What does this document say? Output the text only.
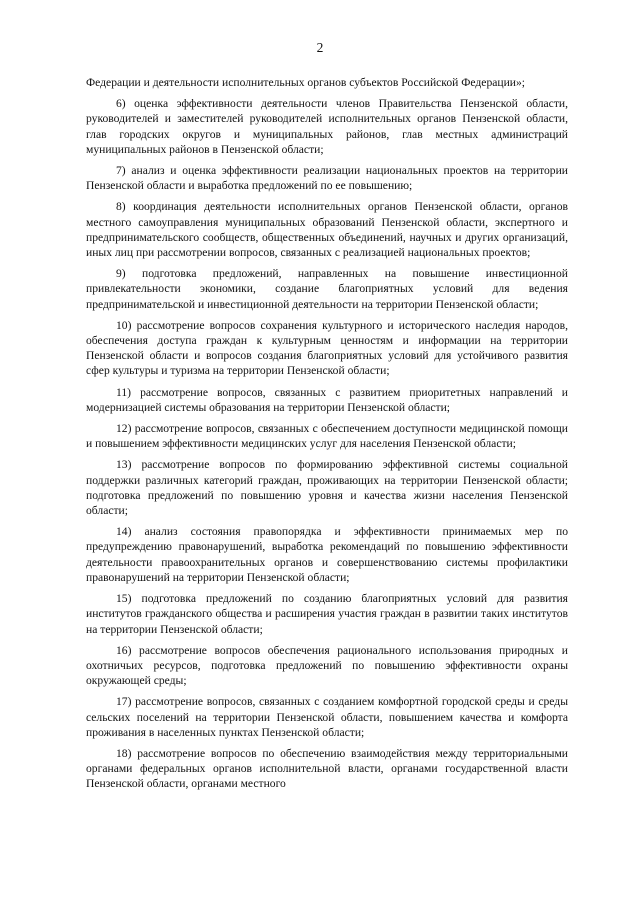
2

Федерации и деятельности исполнительных органов субъектов Российской Федерации»;

6) оценка эффективности деятельности членов Правительства Пензенской области, руководителей и заместителей руководителей исполнительных органов Пензенской области, глав городских округов и муниципальных районов, глав местных администраций муниципальных районов в Пензенской области;

7) анализ и оценка эффективности реализации национальных проектов на территории Пензенской области и выработка предложений по ее повышению;

8) координация деятельности исполнительных органов Пензенской области, органов местного самоуправления муниципальных образований Пензенской области, экспертного и предпринимательского сообществ, общественных объединений, научных и других организаций, иных лиц при рассмотрении вопросов, связанных с реализацией национальных проектов;

9) подготовка предложений, направленных на повышение инвестиционной привлекательности экономики, создание благоприятных условий для ведения предпринимательской и инвестиционной деятельности на территории Пензенской области;

10) рассмотрение вопросов сохранения культурного и исторического наследия народов, обеспечения доступа граждан к культурным ценностям и информации на территории Пензенской области и вопросов создания благоприятных условий для устойчивого развития сфер культуры и туризма на территории Пензенской области;

11) рассмотрение вопросов, связанных с развитием приоритетных направлений и модернизацией системы образования на территории Пензенской области;

12) рассмотрение вопросов, связанных с обеспечением доступности медицинской помощи и повышением эффективности медицинских услуг для населения Пензенской области;

13) рассмотрение вопросов по формированию эффективной системы социальной поддержки различных категорий граждан, проживающих на территории Пензенской области; подготовка предложений по повышению уровня и качества жизни населения Пензенской области;

14) анализ состояния правопорядка и эффективности принимаемых мер по предупреждению правонарушений, выработка рекомендаций по повышению эффективности деятельности правоохранительных органов и совершенствованию системы профилактики правонарушений на территории Пензенской области;

15) подготовка предложений по созданию благоприятных условий для развития институтов гражданского общества и расширения участия граждан в развитии таких институтов на территории Пензенской области;

16) рассмотрение вопросов обеспечения рационального использования природных и охотничьих ресурсов, подготовка предложений по повышению эффективности охраны окружающей среды;

17) рассмотрение вопросов, связанных с созданием комфортной городской среды и среды сельских поселений на территории Пензенской области, повышением качества и комфорта проживания в населенных пунктах Пензенской области;

18) рассмотрение вопросов по обеспечению взаимодействия между территориальными органами федеральных органов исполнительной власти, органами государственной власти Пензенской области, органами местного
